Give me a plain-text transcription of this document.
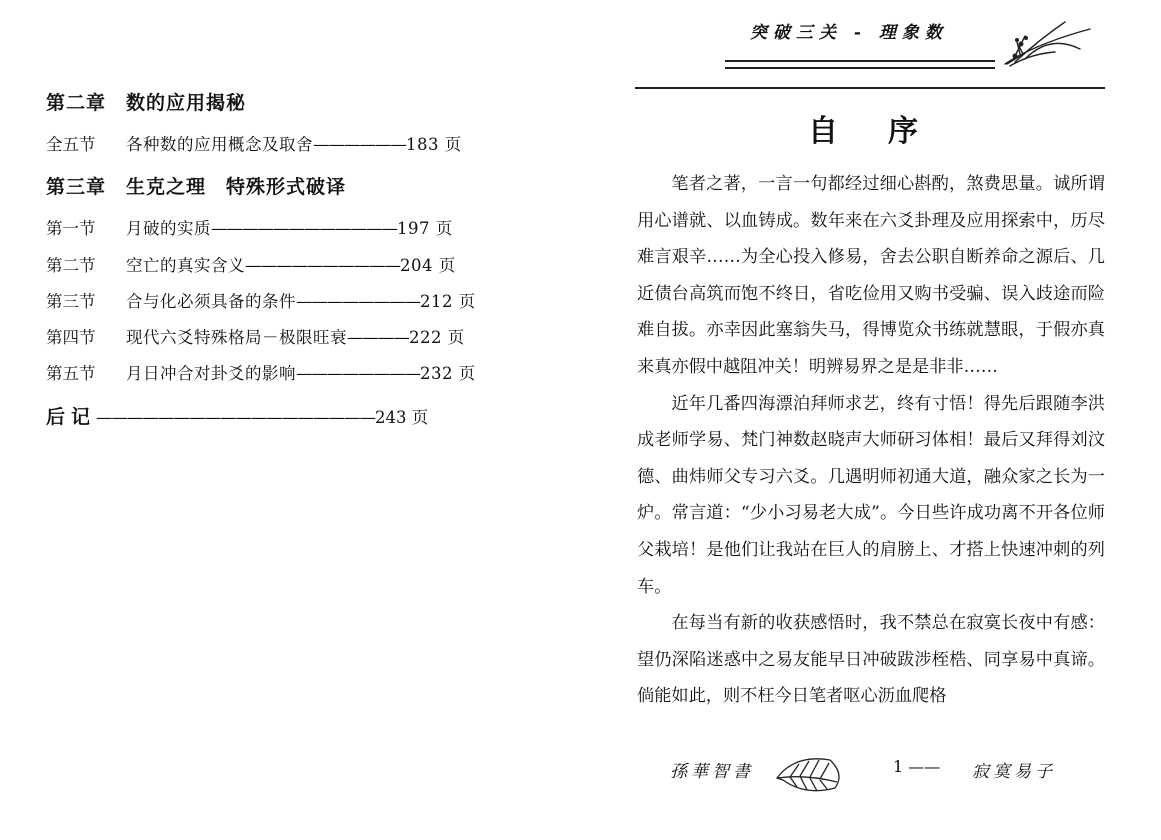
第二章　数的应用揭秘
全五节 各种数的应用概念及取舍——————183 页
第三章　生克之理　特殊形式破译
第一节 月破的实质————————————197 页
第二节 空亡的真实含义——————————204 页
第三节 合与化必须具备的条件————————212 页
第四节 现代六爻特殊格局－极限旺衰————222 页
第五节 月日冲合对卦爻的影响————————232 页
后记——————————————————243 页
突破三关 - 理象数
自序

笔者之著，一言一句都经过细心斟酌，煞费思量。诚所谓用心谱就、以血铸成。数年来在六爻卦理及应用探索中，历尽难言艰辛……为全心投入修易，舍去公职自断养命之源后、几近债台高筑而饱不终日，省吃俭用又购书受骗、误入歧途而险难自拔。亦幸因此塞翁失马，得博览众书练就慧眼，于假亦真来真亦假中越阻冲关！明辨易界之是是非非……

近年几番四海漂泊拜师求艺，终有寸悟！得先后跟随李洪成老师学易、梵门神数赵晓声大师研习体相！最后又拜得刘汶德、曲炜师父专习六爻。几遇明师初通大道，融众家之长为一炉。常言道：“少小习易老大成”。今日些许成功离不开各位师父栽培！是他们让我站在巨人的肩膀上、才搭上快速冲刺的列车。

在每当有新的收获感悟时，我不禁总在寂寞长夜中有感：望仍深陷迷惑中之易友能早日冲破跋涉桎梏、同享易中真谛。倘能如此，则不枉今日笔者呕心沥血爬格

孫華智書	1 —— 寂寞易子
